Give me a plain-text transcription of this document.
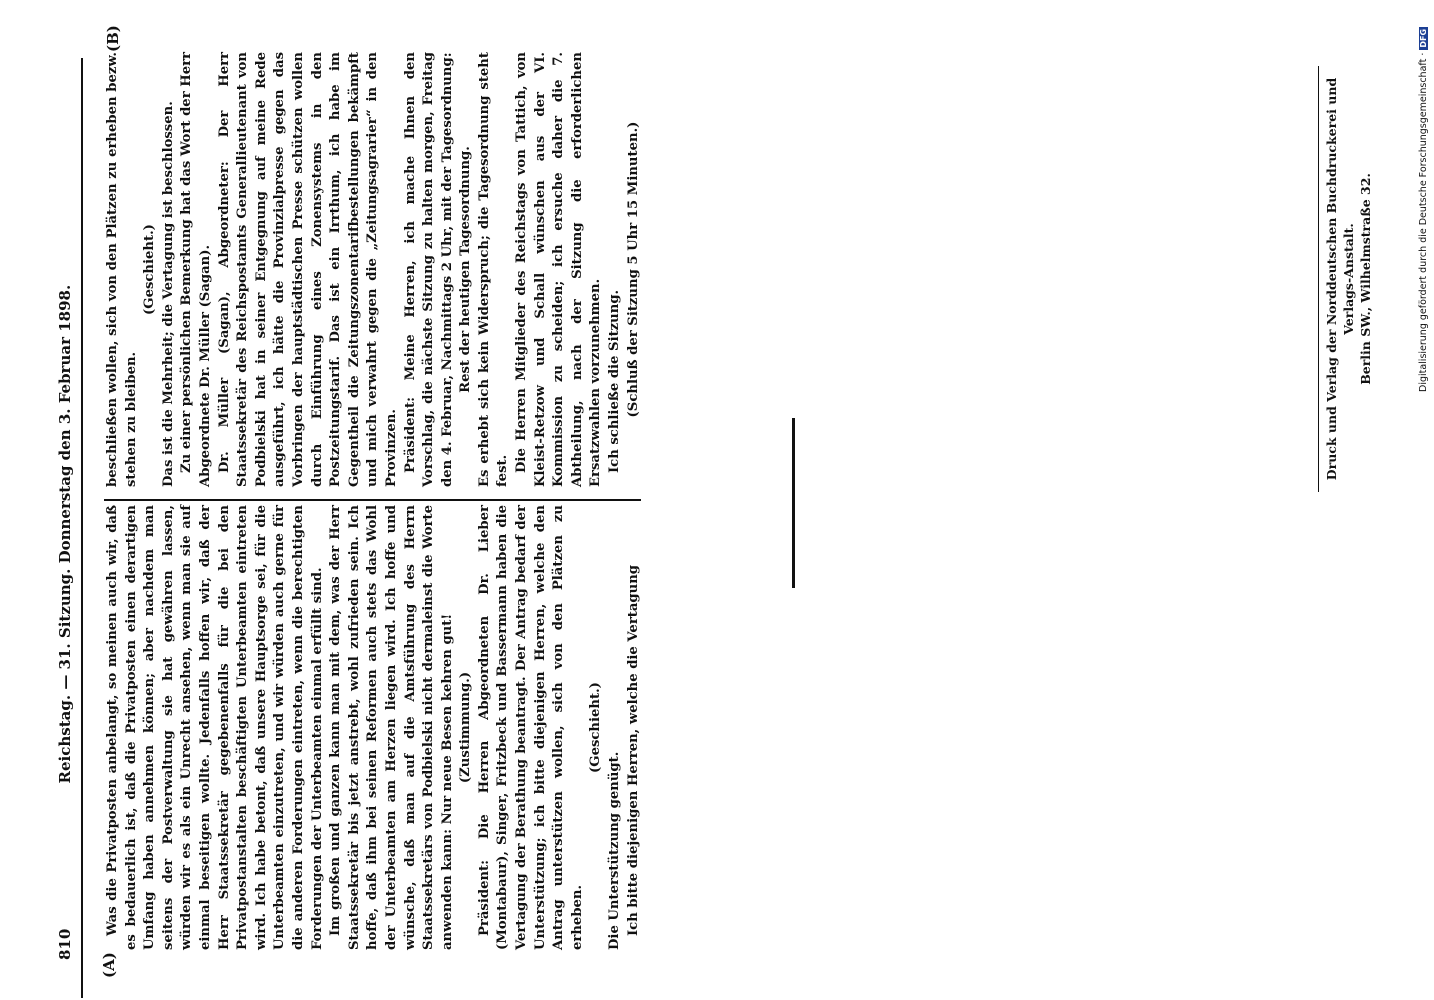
810 Reichstag. — 31. Sitzung. Donnerstag den 3. Februar 1898.
(A)
(B)

Was die Privatposten anbelangt, so meinen auch wir, daß es bedauerlich ist, daß die Privatposten einen derartigen Umfang haben annehmen können; aber nachdem man seitens der Postverwaltung sie hat gewähren lassen, würden wir es als ein Unrecht ansehen, wenn man sie auf einmal beseitigen wollte. Jedenfalls hoffen wir, daß der Herr Staatssekretär gegebenenfalls für die bei den Privatpostanstalten beschäftigten Unterbeamten eintreten wird. Ich habe betont, daß unsere Hauptsorge sei, für die Unterbeamten einzutreten, und wir würden auch gerne für die anderen Forderungen eintreten, wenn die berechtigten Forderungen der Unterbeamten einmal erfüllt sind. Im großen und ganzen kann man mit dem, was der Herr Staatssekretär bis jetzt anstrebt, wohl zufrieden sein. Ich hoffe, daß ihm bei seinen Reformen auch stets das Wohl der Unterbeamten am Herzen liegen wird. Ich hoffe und wünsche, daß man auf die Amtsführung des Herrn Staatssekretärs von Podbielski nicht dermaleinst die Worte anwenden kann: Nur neue Besen kehren gut! (Zustimmung.) Präsident: Die Herren Abgeordneten Dr. Lieber (Montabaur), Singer, Fritzbeck und Bassermann haben die Vertagung der Berathung beantragt. Der Antrag bedarf der Unterstützung; ich bitte diejenigen Herren, welche den Antrag unterstützen wollen, sich von den Plätzen zu erheben.

(Geschieht.)

Die Unterstützung genügt. Ich bitte diejenigen Herren, welche die Vertagung

beschließen wollen, sich von den Plätzen zu erheben bezw. stehen zu bleiben.

(Geschieht.) Das ist die Mehrheit; die Vertagung ist beschlossen. Zu einer persönlichen Bemerkung hat das Wort der Herr Abgeordnete Dr. Müller (Sagan). Dr. Müller (Sagan), Abgeordneter: Der Herr Staatssekretär des Reichspostamts Generallieutenant von Podbielski hat in seiner Entgegnung auf meine Rede ausgeführt, ich hätte die Provinzialpresse gegen das Vorbringen der hauptstädtischen Presse schützen wollen durch Einführung eines Zonensystems in den Postzeitungstarif. Das ist ein Irrthum, ich habe im Gegentheil die Zeitungszonentarifbestellungen bekämpft und mich verwahrt gegen die „Zeitungsagrarier“ in den Provinzen. Präsident: Meine Herren, ich mache Ihnen den Vorschlag, die nächste Sitzung zu halten morgen, Freitag den 4. Februar, Nachmittags 2 Uhr, mit der Tagesordnung: Rest der heutigen Tagesordnung. Es erhebt sich kein Widerspruch; die Tagesordnung steht fest. Die Herren Mitglieder des Reichstags von Tattich, von Kleist-Retzow und Schall wünschen aus der VI. Kommission zu scheiden; ich ersuche daher die 7. Abtheilung, nach der Sitzung die erforderlichen Ersatzwahlen vorzunehmen. Ich schließe die Sitzung. (Schluß der Sitzung 5 Uhr 15 Minuten.)	Druck und Verlag der Norddeutschen Buchdruckerei und Verlags-Anstalt. Berlin SW., Wilhelmstraße 32.	Digitalisierung gefördert durch die Deutsche Forschungsgemeinschaft · DFG
